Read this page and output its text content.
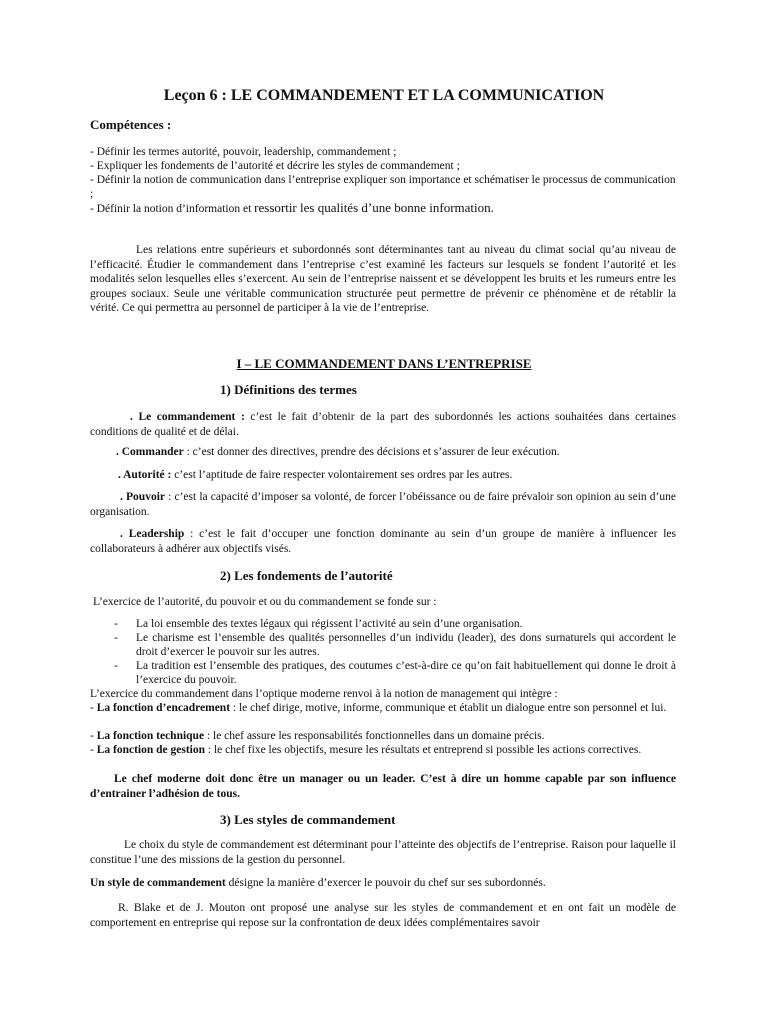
Leçon 6 : LE COMMANDEMENT ET LA COMMUNICATION
Compétences :
- Définir les termes autorité, pouvoir, leadership, commandement ;
- Expliquer les fondements de l’autorité et décrire les styles de commandement ;
- Définir la notion de communication dans l’entreprise expliquer son importance et schématiser le processus de communication ;
- Définir la notion d’information et ressortir les qualités d’une bonne information.
Les relations entre supérieurs et subordonnés sont déterminantes tant au niveau du climat social qu’au niveau de l’efficacité. Étudier le commandement dans l’entreprise c’est examiné les facteurs sur lesquels se fondent l’autorité et les modalités selon lesquelles elles s’exercent. Au sein de l’entreprise naissent et se développent les bruits et les rumeurs entre les groupes sociaux. Seule une véritable communication structurée peut permettre de prévenir ce phénomène et de rétablir la vérité. Ce qui permettra au personnel de participer à la vie de l’entreprise.
I – LE COMMANDEMENT DANS L’ENTREPRISE
1) Définitions des termes
. Le commandement : c’est le fait d’obtenir de la part des subordonnés les actions souhaitées dans certaines conditions de qualité et de délai.
. Commander : c’est donner des directives, prendre des décisions et s’assurer de leur exécution.
. Autorité : c’est l’aptitude de faire respecter volontairement ses ordres par les autres.
. Pouvoir : c’est la capacité d’imposer sa volonté, de forcer l’obéissance ou de faire prévaloir son opinion au sein d’une organisation.
. Leadership : c’est le fait d’occuper une fonction dominante au sein d’un groupe de manière à influencer les collaborateurs à adhérer aux objectifs visés.
2) Les fondements de l’autorité
L’exercice de l’autorité, du pouvoir et ou du commandement se fonde sur :
- La loi ensemble des textes légaux qui régissent l’activité au sein d’une organisation.
- Le charisme est l’ensemble des qualités personnelles d’un individu (leader), des dons surnaturels qui accordent le droit d’exercer le pouvoir sur les autres.
- La tradition est l’ensemble des pratiques, des coutumes c’est-à-dire ce qu’on fait habituellement qui donne le droit à l’exercice du pouvoir.
L’exercice du commandement dans l’optique moderne renvoi à la notion de management qui intègre :
- La fonction d’encadrement : le chef dirige, motive, informe, communique et établit un dialogue entre son personnel et lui.
- La fonction technique : le chef assure les responsabilités fonctionnelles dans un domaine précis.
- La fonction de gestion : le chef fixe les objectifs, mesure les résultats et entreprend si possible les actions correctives.
Le chef moderne doit donc être un manager ou un leader. C’est à dire un homme capable par son influence d’entrainer l’adhésion de tous.
3) Les styles de commandement
Le choix du style de commandement est déterminant pour l’atteinte des objectifs de l’entreprise. Raison pour laquelle il constitue l’une des missions de la gestion du personnel.
Un style de commandement désigne la manière d’exercer le pouvoir du chef sur ses subordonnés.
R. Blake et de J. Mouton ont proposé une analyse sur les styles de commandement et en ont fait un modèle de comportement en entreprise qui repose sur la confrontation de deux idées complémentaires savoir
